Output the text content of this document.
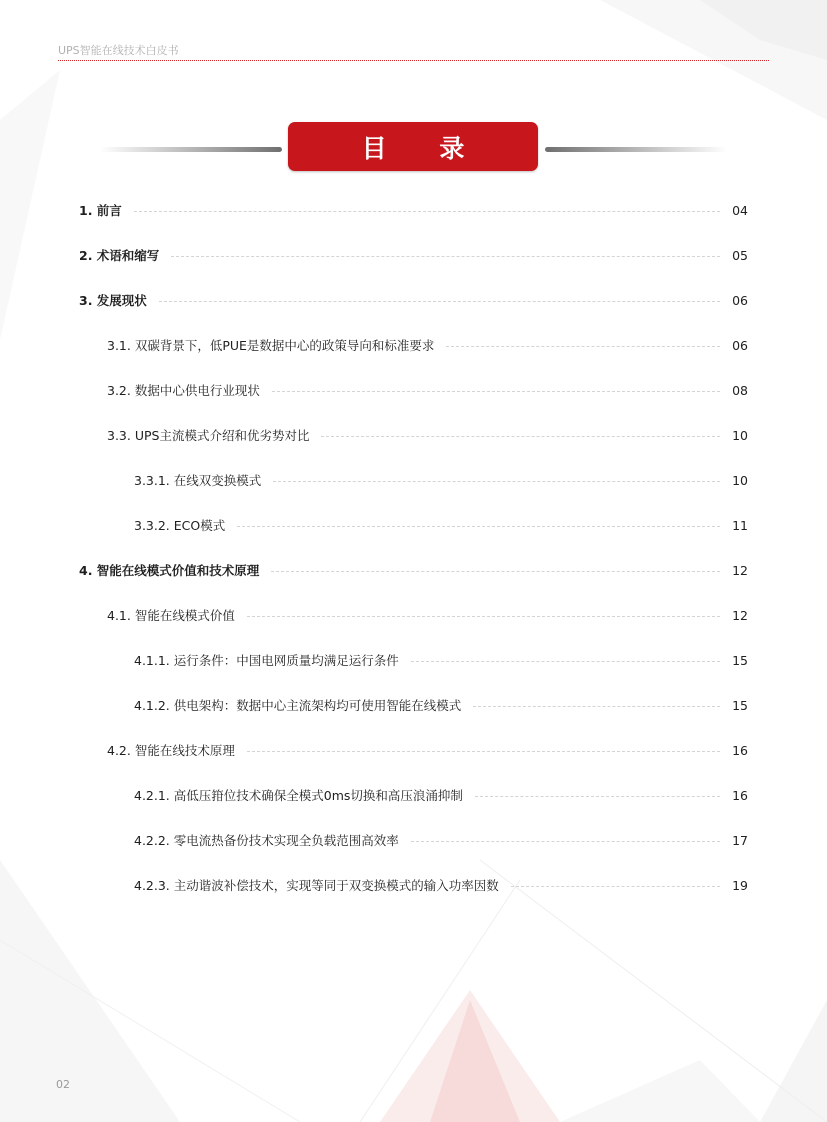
UPS智能在线技术白皮书
目 录
1. 前言	04
2. 术语和缩写	05
3. 发展现状	06
3.1. 双碳背景下，低PUE是数据中心的政策导向和标准要求	06
3.2. 数据中心供电行业现状	08
3.3. UPS主流模式介绍和优劣势对比	10
3.3.1. 在线双变换模式	10
3.3.2. ECO模式	11
4. 智能在线模式价值和技术原理	12
4.1. 智能在线模式价值	12
4.1.1. 运行条件：中国电网质量均满足运行条件	15
4.1.2. 供电架构：数据中心主流架构均可使用智能在线模式	15
4.2. 智能在线技术原理	16
4.2.1. 高低压箝位技术确保全模式0ms切换和高压浪涌抑制	16
4.2.2. 零电流热备份技术实现全负载范围高效率	17
4.2.3. 主动谐波补偿技术，实现等同于双变换模式的输入功率因数	19
02
